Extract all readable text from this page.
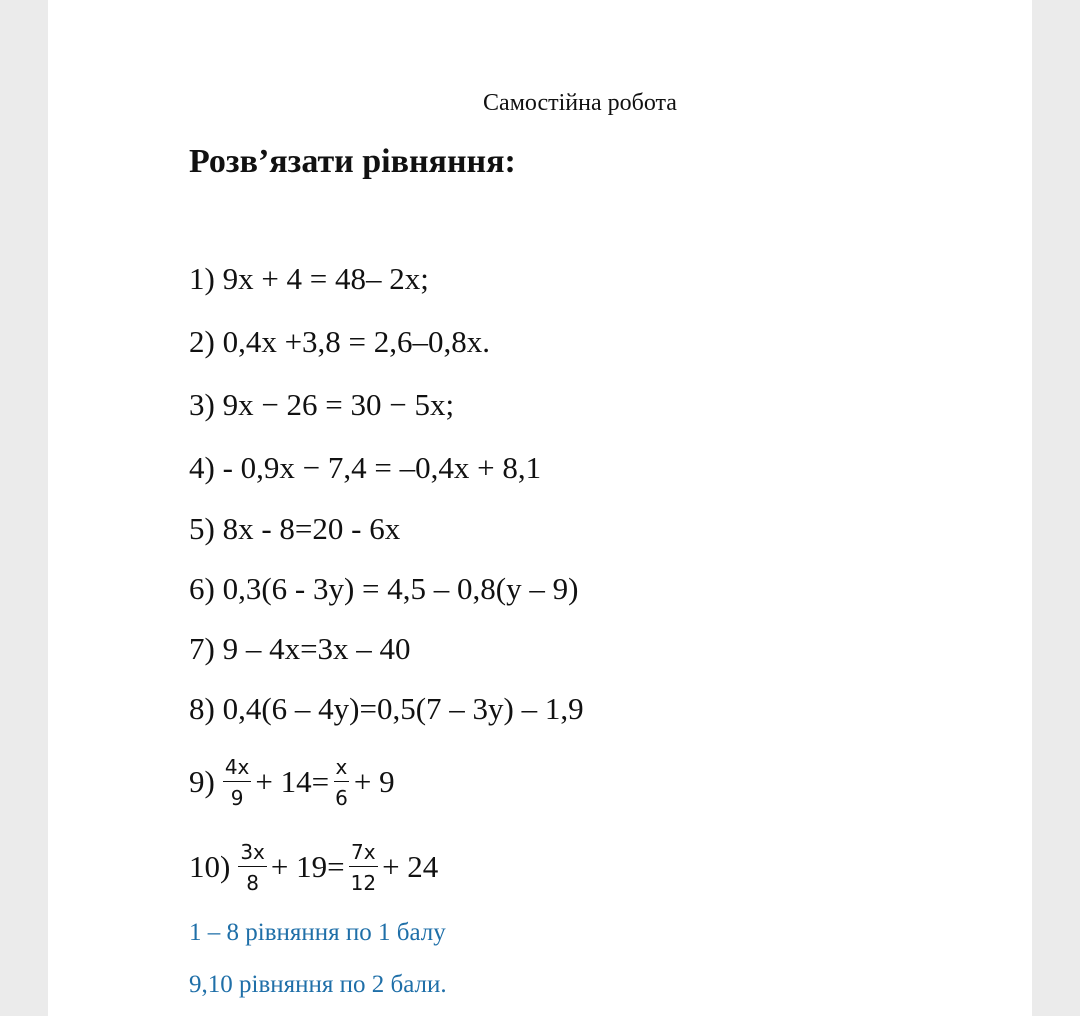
Самостійна робота
Розв’язати рівняння:
1) 9x + 4 = 48– 2x;
2) 0,4x +3,8 = 2,6–0,8x.
3) 9x − 26 = 30 − 5x;
4) - 0,9x − 7,4 = –0,4x + 8,1
5) 8x - 8=20 - 6x
6) 0,3(6 - 3y) = 4,5 – 0,8(y – 9)
7) 9 – 4x=3x – 40
8) 0,4(6 – 4y)=0,5(7 – 3y) – 1,9
$9) \frac{4x}{9} + 14= \frac{x}{6} + 9$
$10) \frac{3x}{8} + 19= \frac{7x}{12} + 24$
1 – 8 рівняння по 1 балу
9,10 рівняння по 2 бали.
